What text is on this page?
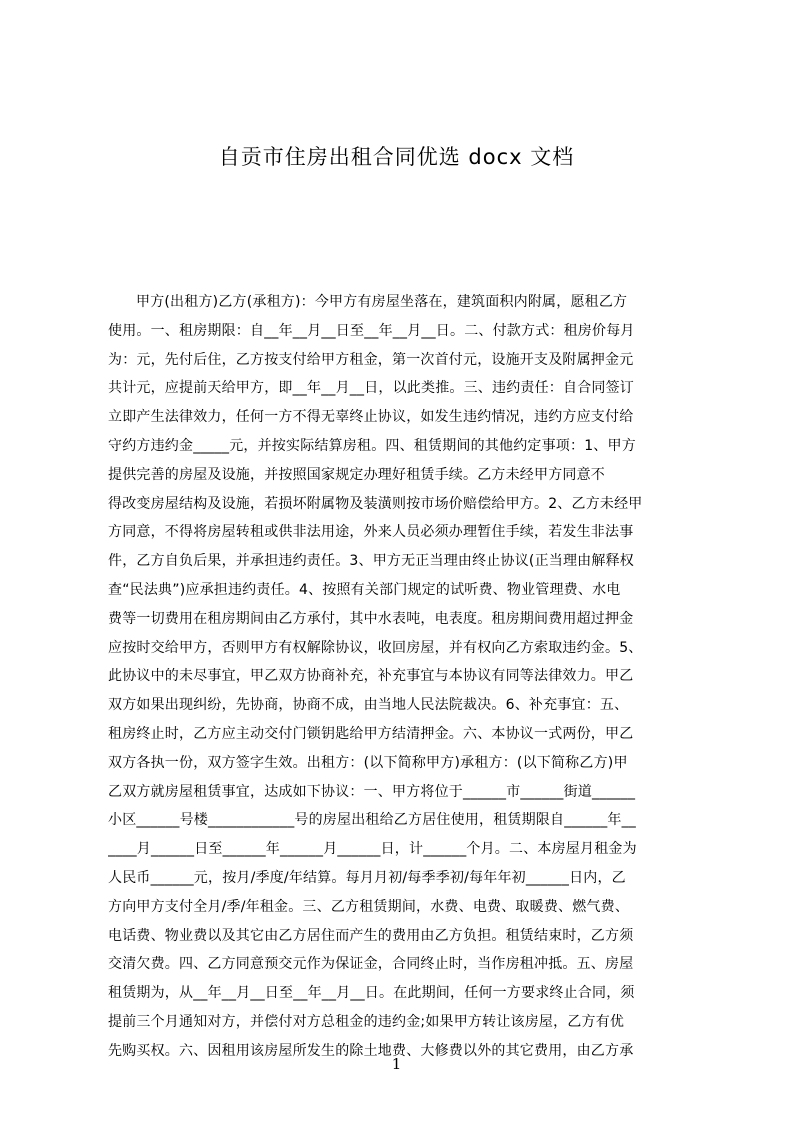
自贡市住房出租合同优选 docx 文档
甲方(出租方)乙方(承租方)：今甲方有房屋坐落在，建筑面积内附属，愿租乙方
使用。一、租房期限：自__年__月__日至__年__月__日。二、付款方式：租房价每月
为：元，先付后住，乙方按支付给甲方租金，第一次首付元，设施开支及附属押金元
共计元，应提前天给甲方，即__年__月__日，以此类推。三、违约责任：自合同签订
立即产生法律效力，任何一方不得无辜终止协议，如发生违约情况，违约方应支付给
守约方违约金_____元，并按实际结算房租。四、租赁期间的其他约定事项：1、甲方
提供完善的房屋及设施，并按照国家规定办理好租赁手续。乙方未经甲方同意不
得改变房屋结构及设施，若损坏附属物及装潢则按市场价赔偿给甲方。2、乙方未经甲
方同意，不得将房屋转租或供非法用途，外来人员必须办理暂住手续，若发生非法事
件，乙方自负后果，并承担违约责任。3、甲方无正当理由终止协议(正当理由解释权
查“民法典”)应承担违约责任。4、按照有关部门规定的试听费、物业管理费、水电
费等一切费用在租房期间由乙方承付，其中水表吨，电表度。租房期间费用超过押金
应按时交给甲方，否则甲方有权解除协议，收回房屋，并有权向乙方索取违约金。5、
此协议中的未尽事宜，甲乙双方协商补充，补充事宜与本协议有同等法律效力。甲乙
双方如果出现纠纷，先协商，协商不成，由当地人民法院裁决。6、补充事宜：五、
租房终止时，乙方应主动交付门锁钥匙给甲方结清押金。六、本协议一式两份，甲乙
双方各执一份，双方签字生效。出租方：(以下简称甲方)承租方：(以下简称乙方)甲
乙双方就房屋租赁事宜，达成如下协议：一、甲方将位于______市______街道______
小区______号楼____________号的房屋出租给乙方居住使用，租赁期限自______年__
____月______日至______年______月______日，计______个月。二、本房屋月租金为
人民币______元，按月/季度/年结算。每月月初/每季季初/每年年初______日内，乙
方向甲方支付全月/季/年租金。三、乙方租赁期间，水费、电费、取暖费、燃气费、
电话费、物业费以及其它由乙方居住而产生的费用由乙方负担。租赁结束时，乙方须
交清欠费。四、乙方同意预交元作为保证金，合同终止时，当作房租冲抵。五、房屋
租赁期为，从__年__月__日至__年__月__日。在此期间，任何一方要求终止合同，须
提前三个月通知对方，并偿付对方总租金的违约金;如果甲方转让该房屋，乙方有优
先购买权。六、因租用该房屋所发生的除土地费、大修费以外的其它费用，由乙方承
1
